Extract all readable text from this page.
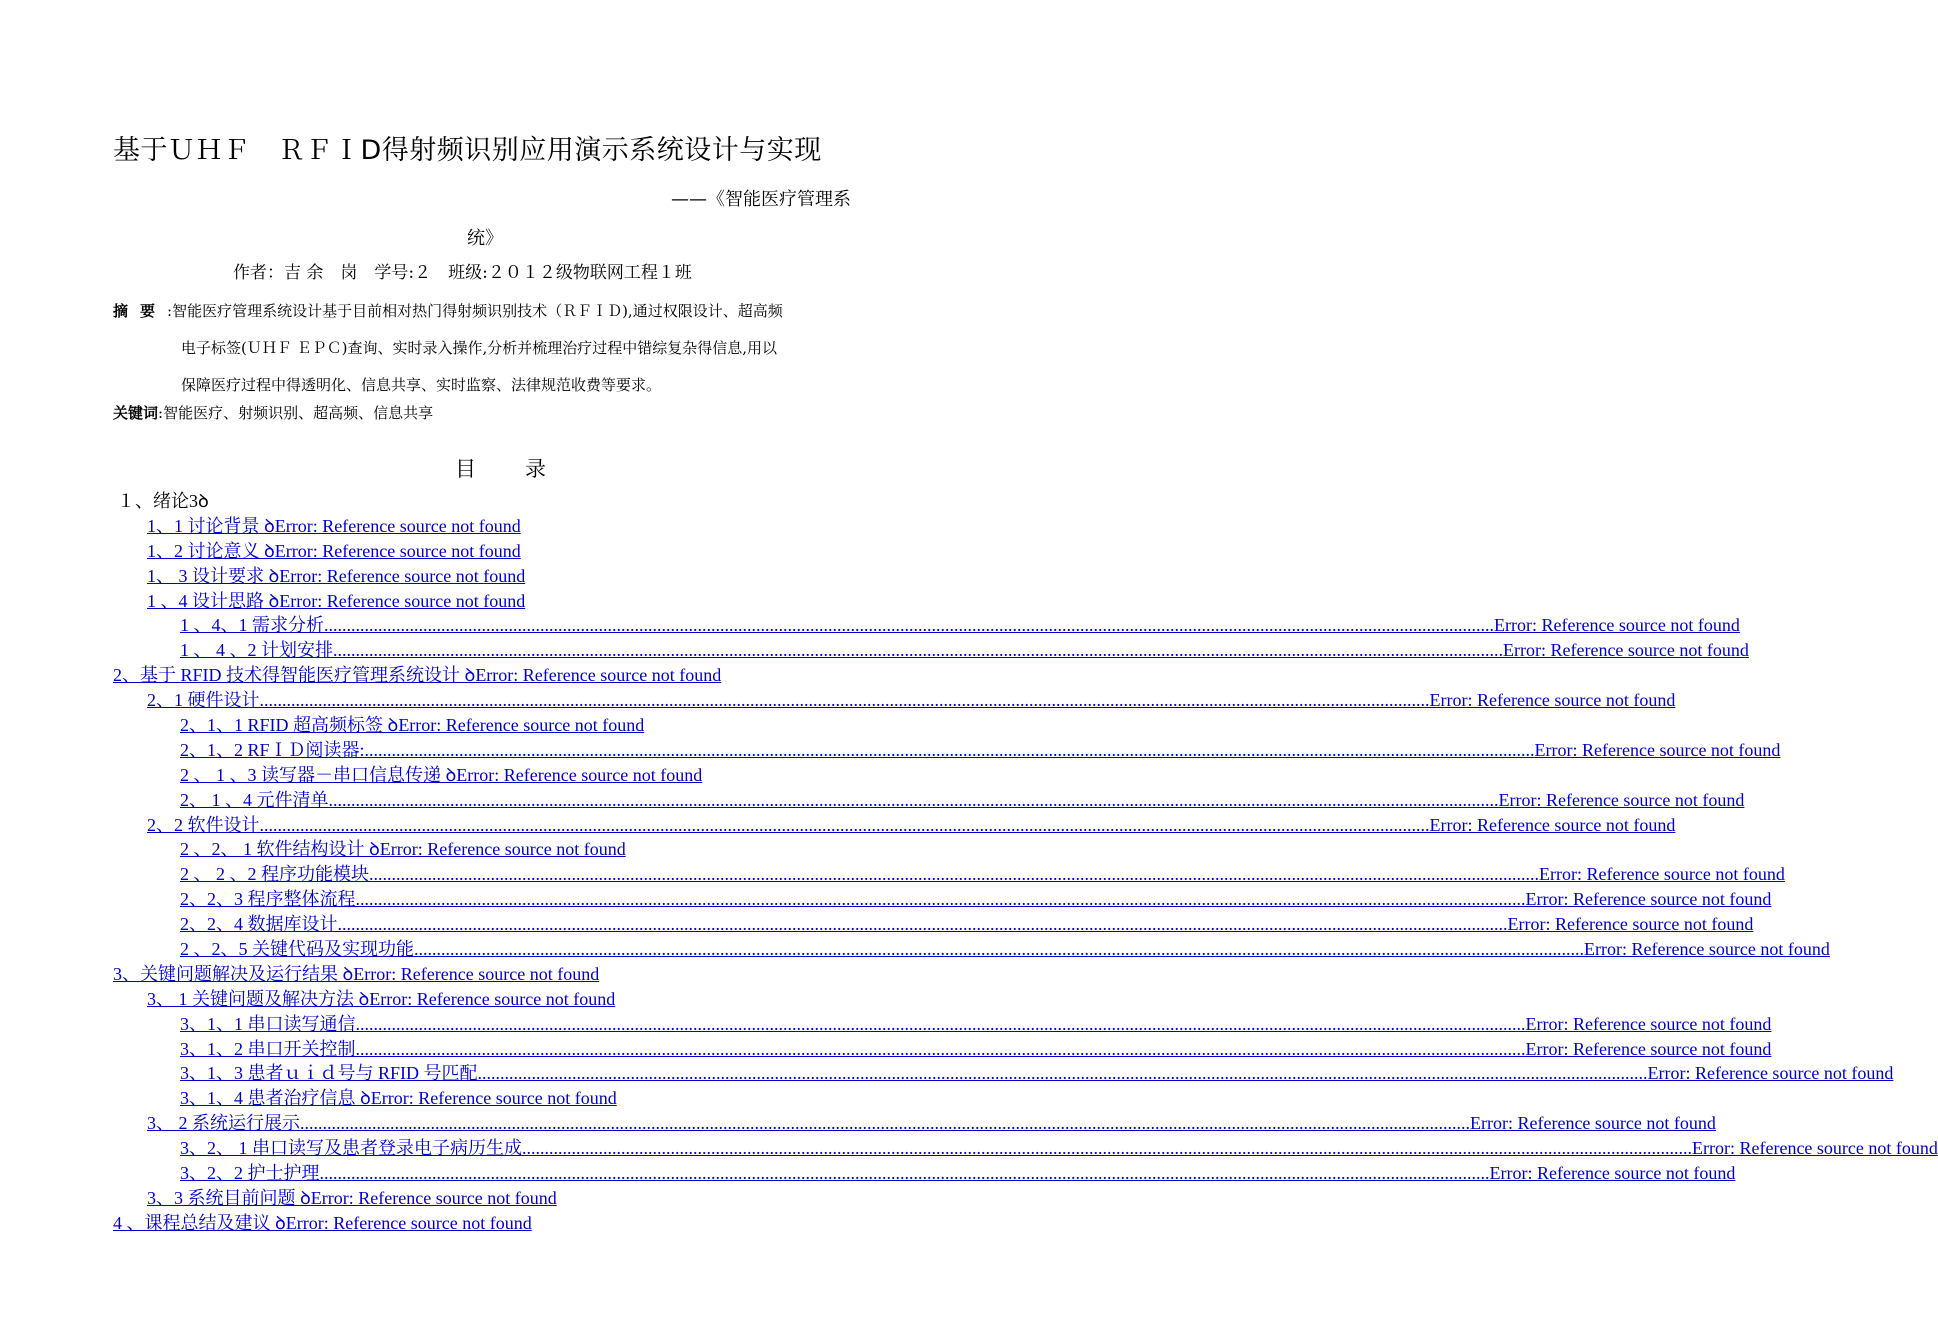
基于ＵＨＦ　ＲＦＩD得射频识别应用演示系统设计与实现
——《智能医疗管理系
统》
作者：吉 余　岗　学号:２　班级:２０１２级物联网工程１班
摘要:智能医疗管理系统设计基于目前相对热门得射频识别技术（ＲＦＩＤ),通过权限设计、超高频
电子标签(ＵＨＦ ＥＰＣ)查询、实时录入操作,分析并梳理治疗过程中错综复杂得信息,用以
保障医疗过程中得透明化、信息共享、实时监察、法律规范收费等要求。
关键词:智能医疗、射频识别、超高频、信息共享
目　录
１、绪论3ꝺ
1、1 讨论背景 ꝺError: Reference source not found
1、2 讨论意义 ꝺError: Reference source not found
1、 3 设计要求 ꝺError: Reference source not found
1 、4 设计思路 ꝺError: Reference source not found
1 、4、1 需求分析 .................................................................................................................................................................................................................................................................... Error: Reference source not found
1 、 4 、2 计划安排 .................................................................................................................................................................................................................................................................... Error: Reference source not found
2、基于 RFID 技术得智能医疗管理系统设计 ꝺError: Reference source not found
2、1 硬件设计 .................................................................................................................................................................................................................................................................... Error: Reference source not found
2、1、1 RFID 超高频标签 ꝺError: Reference source not found
2、1、2 RFＩＤ阅读器: .................................................................................................................................................................................................................................................................... Error: Reference source not found
2 、 1 、3 读写器－串口信息传递 ꝺError: Reference source not found
2、 1 、4 元件清单 .................................................................................................................................................................................................................................................................... Error: Reference source not found
2、2 软件设计 .................................................................................................................................................................................................................................................................... Error: Reference source not found
2 、2、 1 软件结构设计 ꝺError: Reference source not found
2 、 2 、2 程序功能模块 .................................................................................................................................................................................................................................................................... Error: Reference source not found
2、2、3 程序整体流程 .................................................................................................................................................................................................................................................................... Error: Reference source not found
2、2、4 数据库设计 .................................................................................................................................................................................................................................................................... Error: Reference source not found
2 、2、5 关键代码及实现功能 .................................................................................................................................................................................................................................................................... Error: Reference source not found
3、关键问题解决及运行结果 ꝺError: Reference source not found
3、 1 关键问题及解决方法 ꝺError: Reference source not found
3、1、1 串口读写通信 .................................................................................................................................................................................................................................................................... Error: Reference source not found
3、1、2 串口开关控制 .................................................................................................................................................................................................................................................................... Error: Reference source not found
3、1、3 患者ｕｉｄ号与 RFID 号匹配 .................................................................................................................................................................................................................................................................... Error: Reference source not found
3、1、4 患者治疗信息 ꝺError: Reference source not found
3、 2 系统运行展示 .................................................................................................................................................................................................................................................................... Error: Reference source not found
3、2、 1 串口读写及患者登录电子病历生成 .................................................................................................................................................................................................................................................................... Error: Reference source not found
3、2、2 护士护理 .................................................................................................................................................................................................................................................................... Error: Reference source not found
3、3 系统目前问题 ꝺError: Reference source not found
4 、课程总结及建议 ꝺError: Reference source not found
